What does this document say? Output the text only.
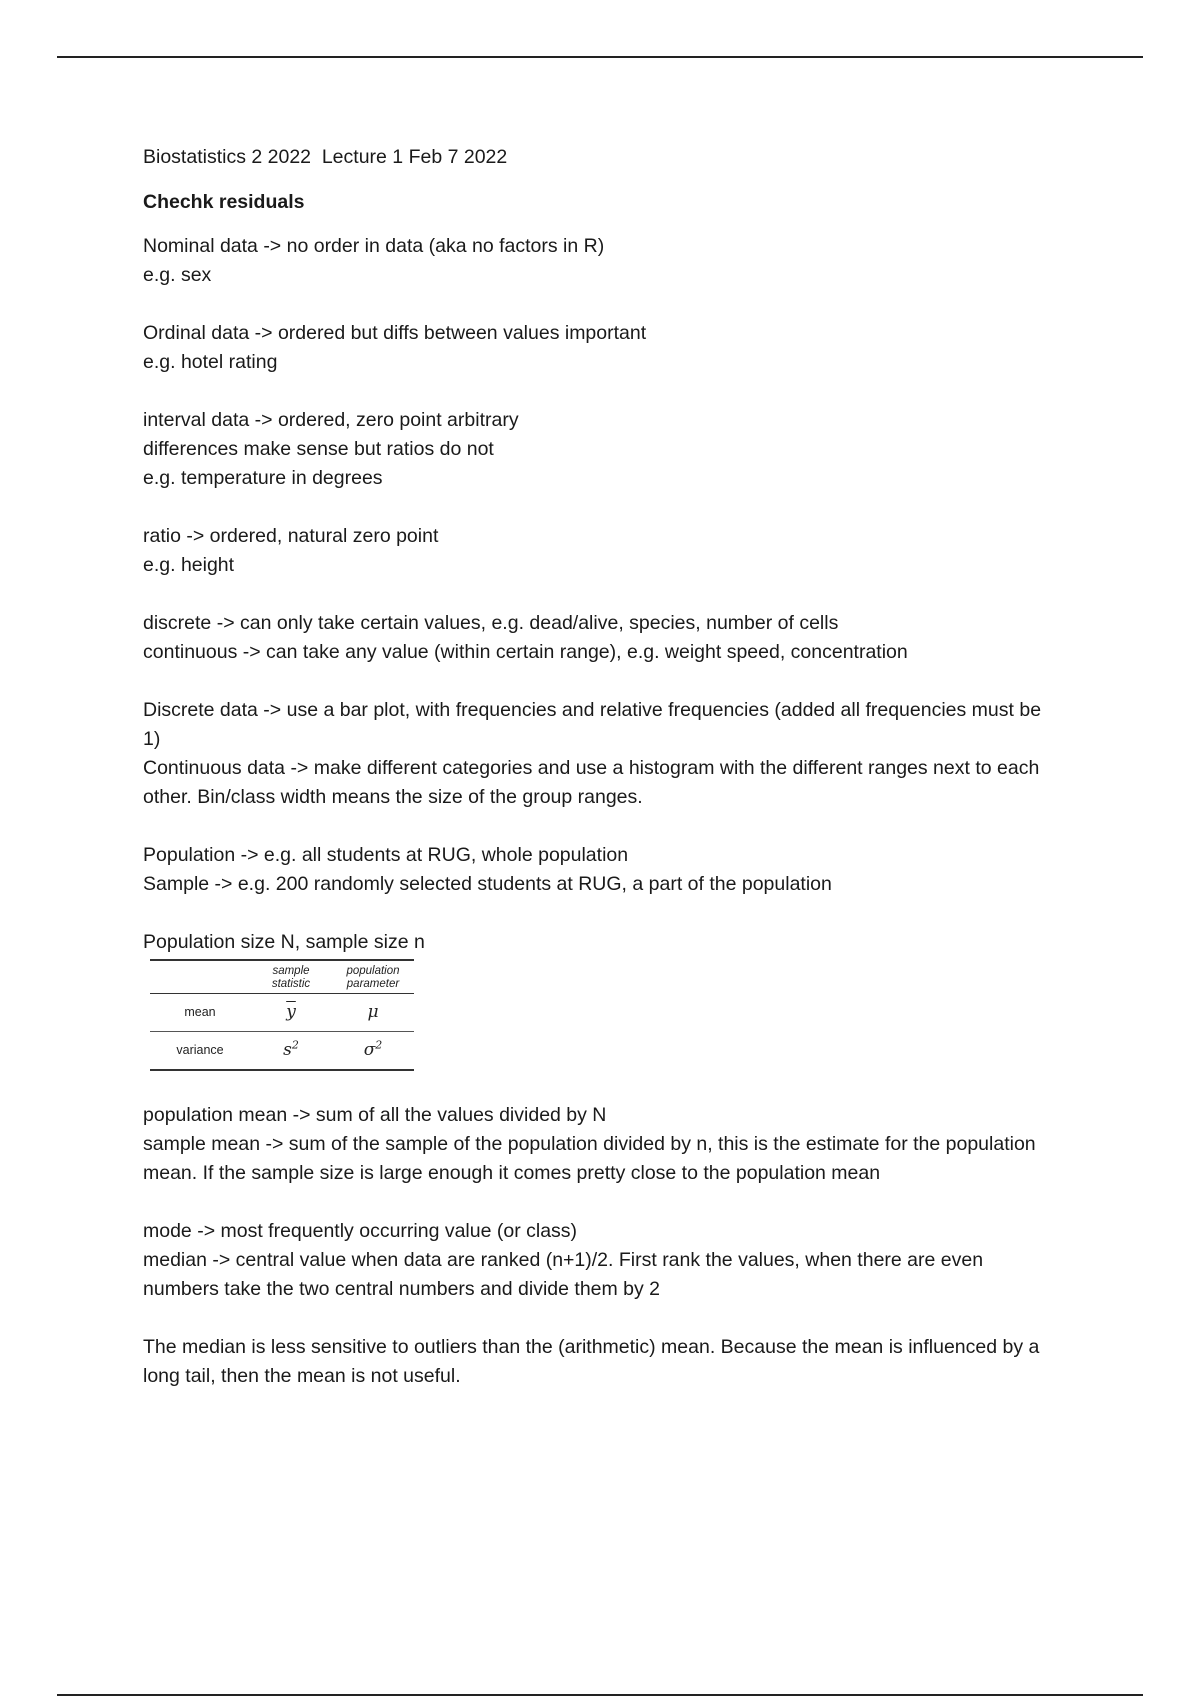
Biostatistics 2 2022  Lecture 1 Feb 7 2022
Chechk residuals
Nominal data -> no order in data (aka no factors in R)
e.g. sex
Ordinal data -> ordered but diffs between values important
e.g. hotel rating
interval data -> ordered, zero point arbitrary
differences make sense but ratios do not
e.g. temperature in degrees
ratio -> ordered, natural zero point
e.g. height
discrete -> can only take certain values, e.g. dead/alive, species, number of cells
continuous -> can take any value (within certain range), e.g. weight speed, concentration
Discrete data -> use a bar plot, with frequencies and relative frequencies (added all frequencies must be 1)
Continuous data -> make different categories and use a histogram with the different ranges next to each other. Bin/class width means the size of the group ranges.
Population -> e.g. all students at RUG, whole population
Sample -> e.g. 200 randomly selected students at RUG, a part of the population
Population size N, sample size n
	sample statistic	population parameter
mean	$\overline{y}$	μ
variance	$s^2$	$\sigma^2$
population mean -> sum of all the values divided by N
sample mean -> sum of the sample of the population divided by n, this is the estimate for the population mean. If the sample size is large enough it comes pretty close to the population mean
mode -> most frequently occurring value (or class)
median -> central value when data are ranked (n+1)/2. First rank the values, when there are even numbers take the two central numbers and divide them by 2
The median is less sensitive to outliers than the (arithmetic) mean. Because the mean is influenced by a long tail, then the mean is not useful.
